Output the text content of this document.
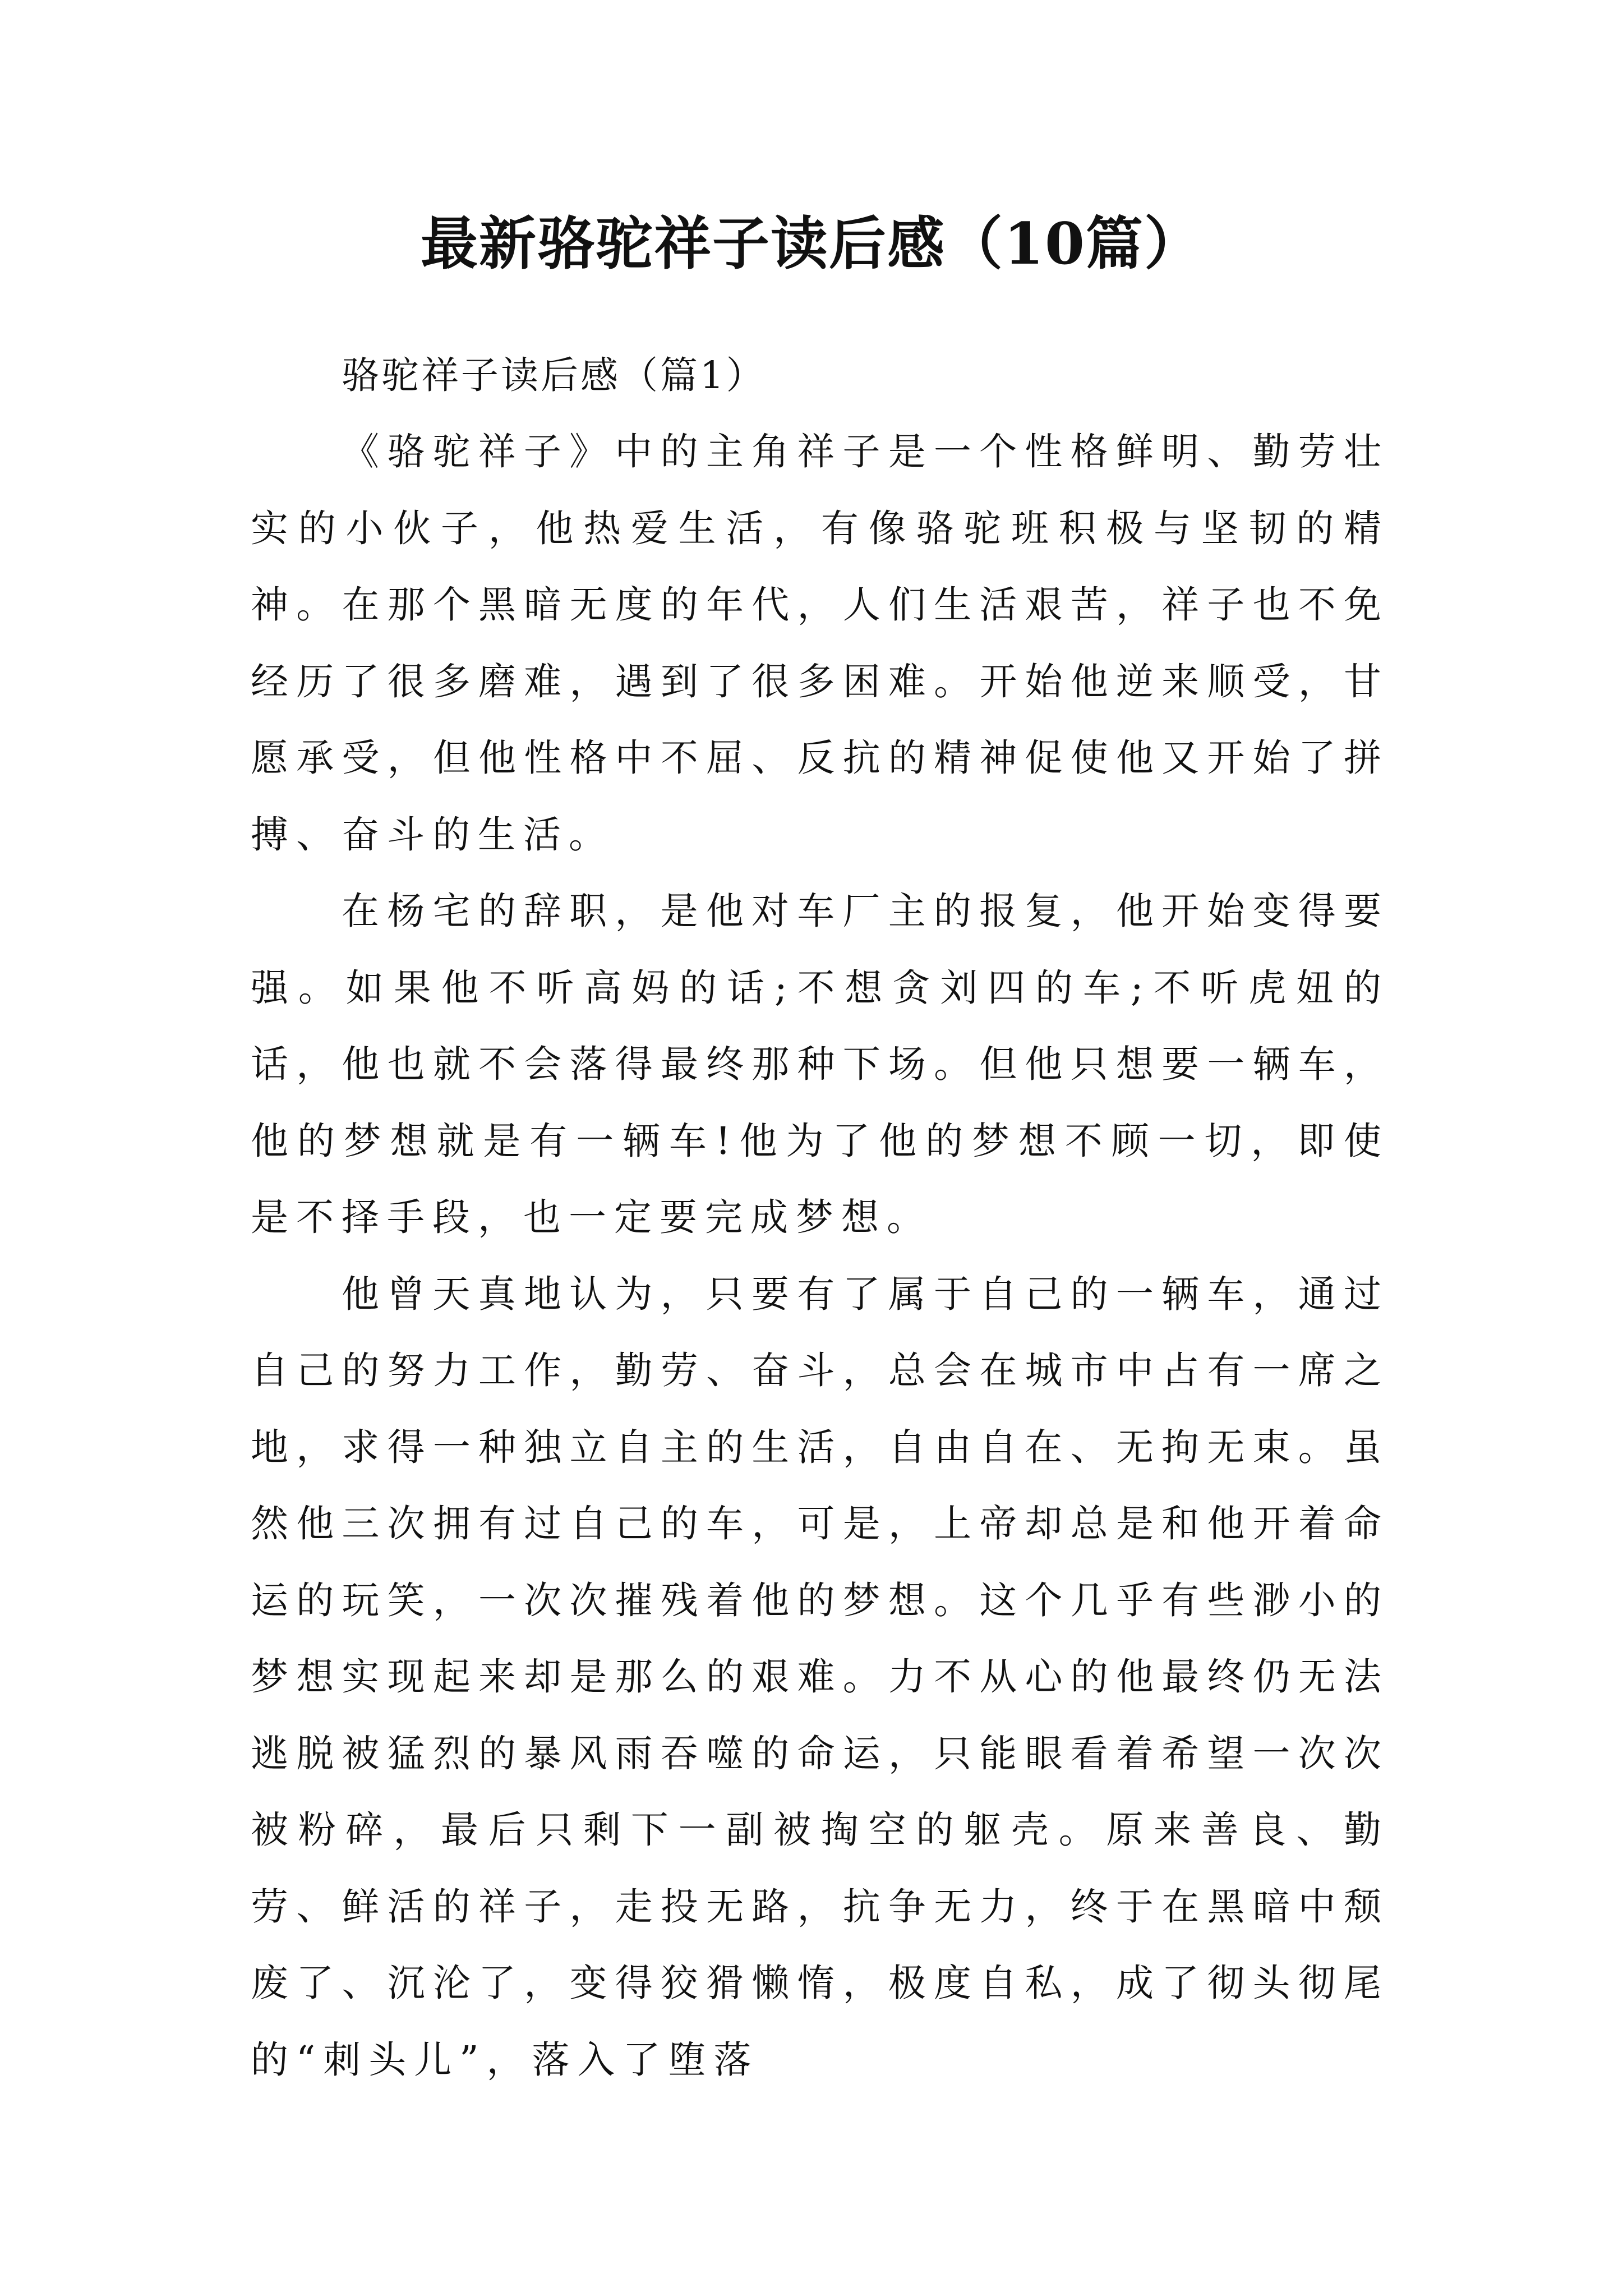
最新骆驼祥子读后感（10篇）
骆驼祥子读后感（篇1）

《骆驼祥子》中的主角祥子是一个性格鲜明、勤劳壮实的小伙子，他热爱生活，有像骆驼班积极与坚韧的精神。在那个黑暗无度的年代，人们生活艰苦，祥子也不免经历了很多磨难，遇到了很多困难。开始他逆来顺受，甘愿承受，但他性格中不屈、反抗的精神促使他又开始了拼搏、奋斗的生活。

在杨宅的辞职，是他对车厂主的报复，他开始变得要强。如果他不听高妈的话;不想贪刘四的车;不听虎妞的话，他也就不会落得最终那种下场。但他只想要一辆车，他的梦想就是有一辆车!他为了他的梦想不顾一切，即使是不择手段，也一定要完成梦想。

他曾天真地认为，只要有了属于自己的一辆车，通过自己的努力工作，勤劳、奋斗，总会在城市中占有一席之地，求得一种独立自主的生活，自由自在、无拘无束。虽然他三次拥有过自己的车，可是，上帝却总是和他开着命运的玩笑，一次次摧残着他的梦想。这个几乎有些渺小的梦想实现起来却是那么的艰难。力不从心的他最终仍无法逃脱被猛烈的暴风雨吞噬的命运，只能眼看着希望一次次被粉碎，最后只剩下一副被掏空的躯壳。原来善良、勤劳、鲜活的祥子，走投无路，抗争无力，终于在黑暗中颓废了、沉沦了，变得狡猾懒惰，极度自私，成了彻头彻尾的“刺头儿”，落入了堕落
